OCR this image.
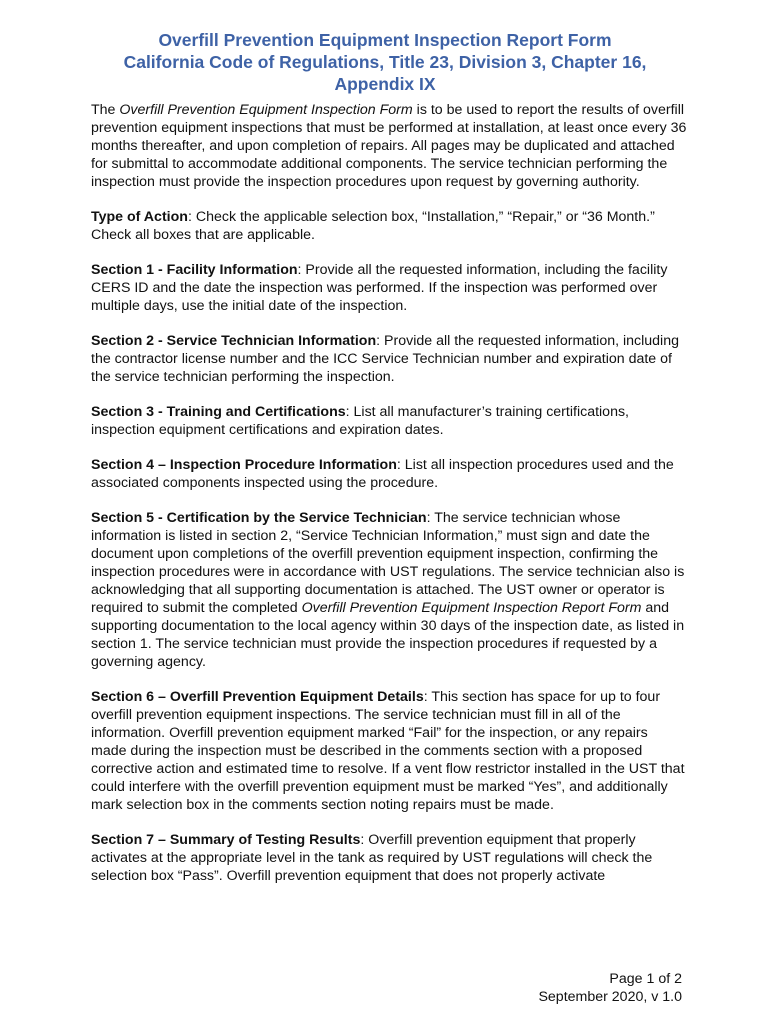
Overfill Prevention Equipment Inspection Report Form
California Code of Regulations, Title 23, Division 3, Chapter 16,
Appendix IX

The Overfill Prevention Equipment Inspection Form is to be used to report the results of overfill prevention equipment inspections that must be performed at installation, at least once every 36 months thereafter, and upon completion of repairs. All pages may be duplicated and attached for submittal to accommodate additional components. The service technician performing the inspection must provide the inspection procedures upon request by governing authority.

Type of Action: Check the applicable selection box, “Installation,” “Repair,” or “36 Month.” Check all boxes that are applicable.

Section 1 - Facility Information: Provide all the requested information, including the facility CERS ID and the date the inspection was performed. If the inspection was performed over multiple days, use the initial date of the inspection.

Section 2 - Service Technician Information: Provide all the requested information, including the contractor license number and the ICC Service Technician number and expiration date of the service technician performing the inspection.

Section 3 - Training and Certifications: List all manufacturer’s training certifications, inspection equipment certifications and expiration dates.

Section 4 – Inspection Procedure Information: List all inspection procedures used and the associated components inspected using the procedure.

Section 5 - Certification by the Service Technician: The service technician whose information is listed in section 2, “Service Technician Information,” must sign and date the document upon completions of the overfill prevention equipment inspection, confirming the inspection procedures were in accordance with UST regulations. The service technician also is acknowledging that all supporting documentation is attached. The UST owner or operator is required to submit the completed Overfill Prevention Equipment Inspection Report Form and supporting documentation to the local agency within 30 days of the inspection date, as listed in section 1. The service technician must provide the inspection procedures if requested by a governing agency.

Section 6 – Overfill Prevention Equipment Details: This section has space for up to four overfill prevention equipment inspections. The service technician must fill in all of the information. Overfill prevention equipment marked “Fail” for the inspection, or any repairs made during the inspection must be described in the comments section with a proposed corrective action and estimated time to resolve. If a vent flow restrictor installed in the UST that could interfere with the overfill prevention equipment must be marked “Yes”, and additionally mark selection box in the comments section noting repairs must be made.

Section 7 – Summary of Testing Results: Overfill prevention equipment that properly activates at the appropriate level in the tank as required by UST regulations will check the selection box “Pass”. Overfill prevention equipment that does not properly activate

Page 1 of 2
September 2020, v 1.0
